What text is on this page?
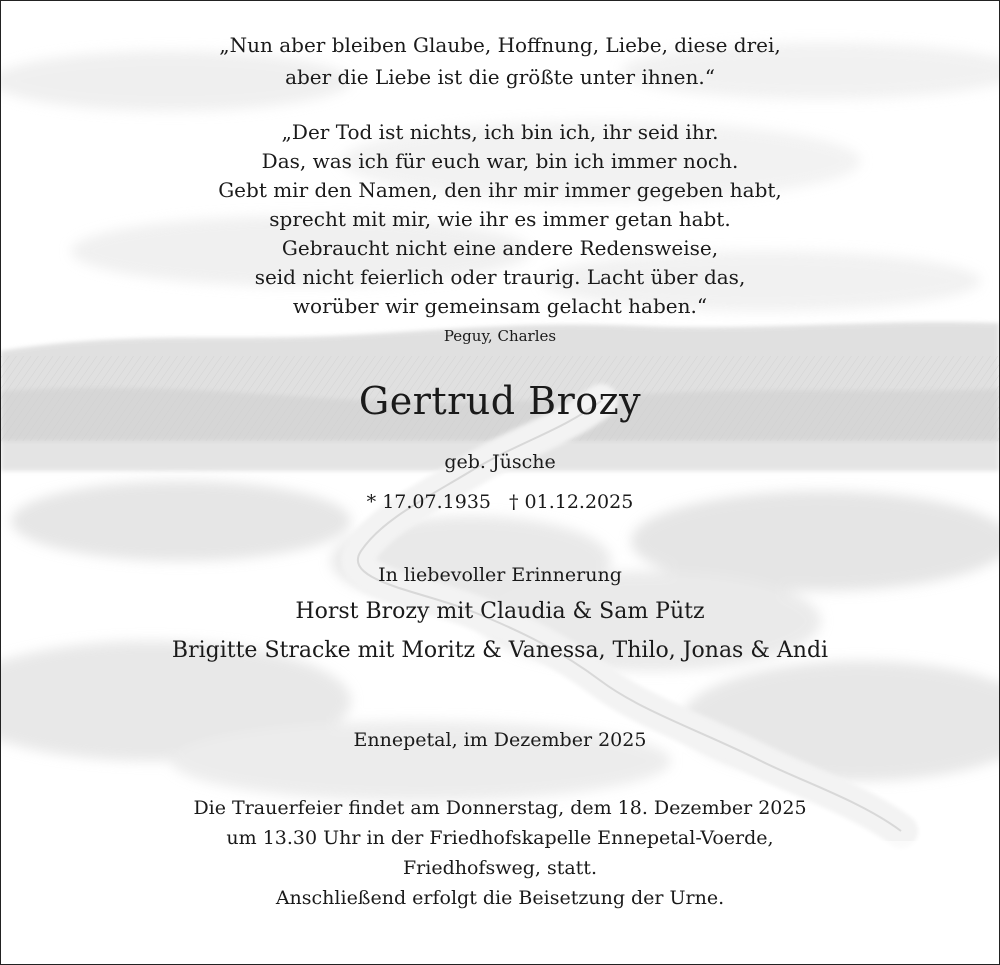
„Nun aber bleiben Glaube, Hoffnung, Liebe, diese drei,
aber die Liebe ist die größte unter ihnen.“
„Der Tod ist nichts, ich bin ich, ihr seid ihr.
Das, was ich für euch war, bin ich immer noch.
Gebt mir den Namen, den ihr mir immer gegeben habt,
sprecht mit mir, wie ihr es immer getan habt.
Gebraucht nicht eine andere Redensweise,
seid nicht feierlich oder traurig. Lacht über das,
worüber wir gemeinsam gelacht haben.“
Peguy, Charles
Gertrud Brozy
geb. Jüsche
* 17.07.1935 † 01.12.2025
In liebevoller Erinnerung
Horst Brozy mit Claudia & Sam Pütz
Brigitte Stracke mit Moritz & Vanessa, Thilo, Jonas & Andi
Ennepetal, im Dezember 2025
Die Trauerfeier findet am Donnerstag, dem 18. Dezember 2025
um 13.30 Uhr in der Friedhofskapelle Ennepetal-Voerde,
Friedhofsweg, statt.
Anschließend erfolgt die Beisetzung der Urne.
